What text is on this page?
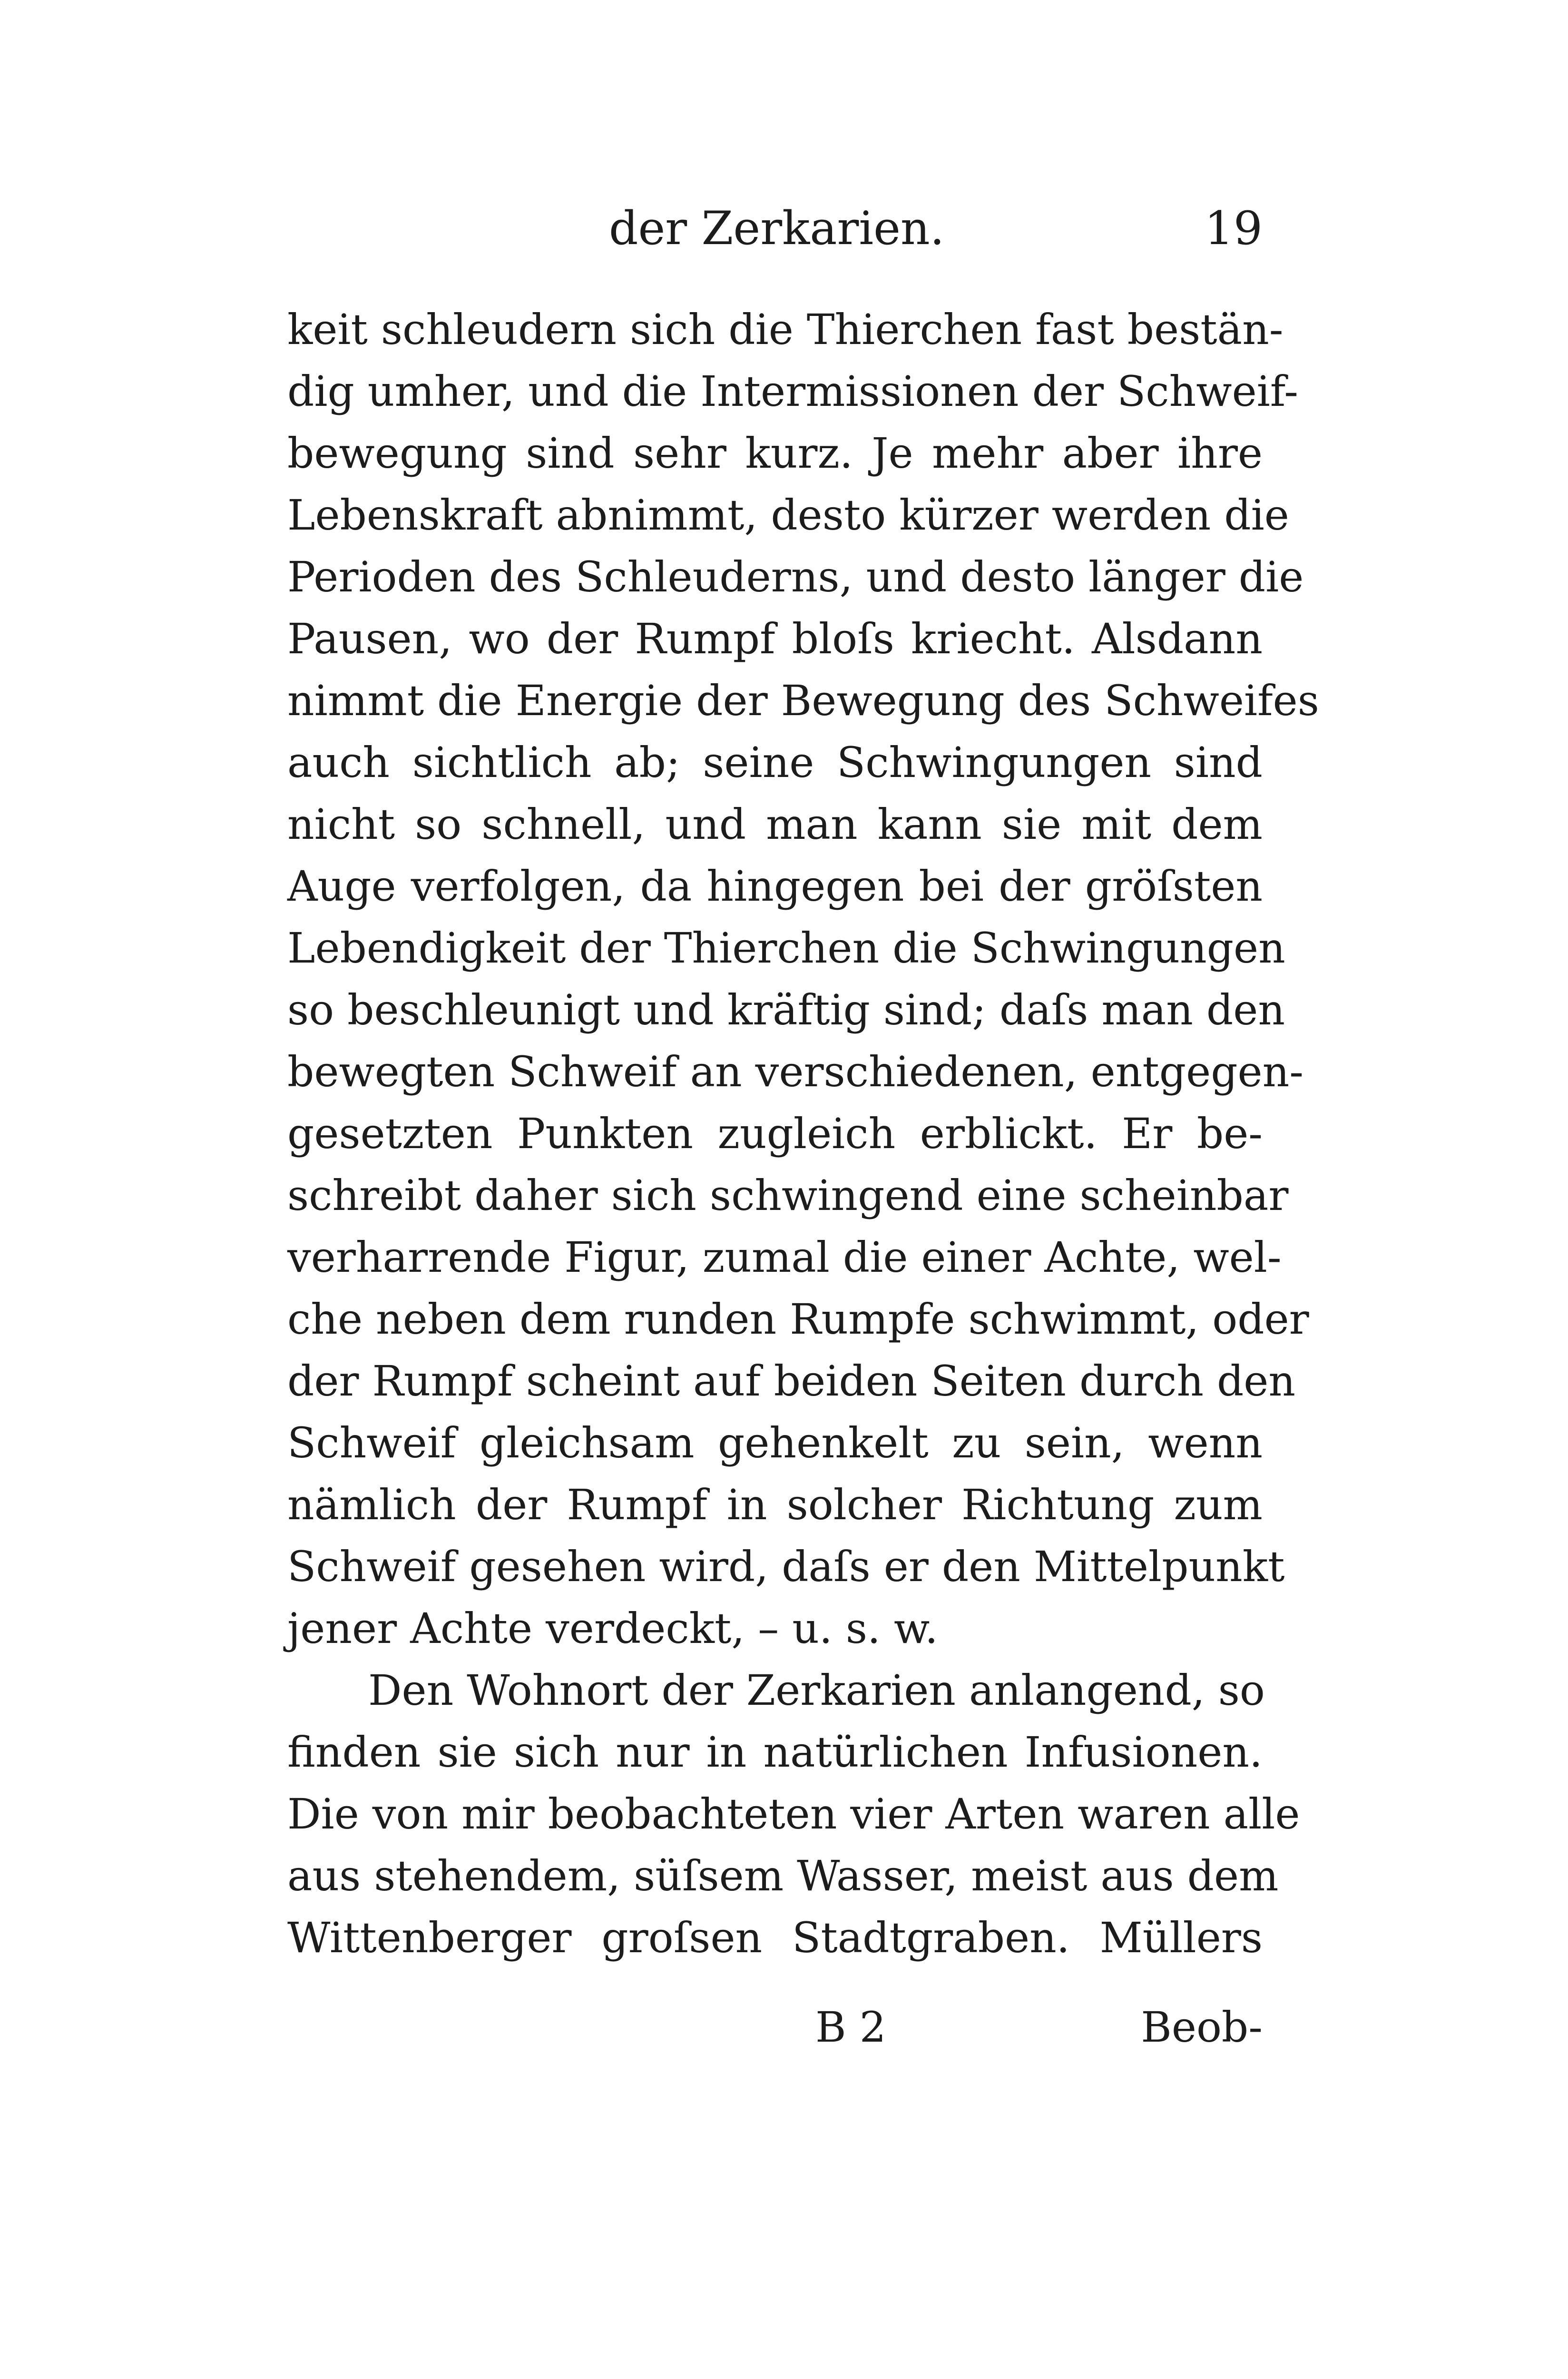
der Zerkarien.	19
keit schleudern sich die Thierchen fast bestän-
dig umher, und die Intermissionen der Schweif-
bewegung sind sehr kurz. Je mehr aber ihre
Lebenskraft abnimmt, desto kürzer werden die
Perioden des Schleuderns, und desto länger die
Pausen, wo der Rumpf bloſs kriecht. Alsdann
nimmt die Energie der Bewegung des Schweifes
auch sichtlich ab; seine Schwingungen sind
nicht so schnell, und man kann sie mit dem
Auge verfolgen, da hingegen bei der gröſsten
Lebendigkeit der Thierchen die Schwingungen
so beschleunigt und kräftig sind; daſs man den
bewegten Schweif an verschiedenen, entgegen-
gesetzten Punkten zugleich erblickt. Er be-
schreibt daher sich schwingend eine scheinbar
verharrende Figur, zumal die einer Achte, wel-
che neben dem runden Rumpfe schwimmt, oder
der Rumpf scheint auf beiden Seiten durch den
Schweif gleichsam gehenkelt zu sein, wenn
nämlich der Rumpf in solcher Richtung zum
Schweif gesehen wird, daſs er den Mittelpunkt
jener Achte verdeckt, – u. s. w.
Den Wohnort der Zerkarien anlangend, so
finden sie sich nur in natürlichen Infusionen.
Die von mir beobachteten vier Arten waren alle
aus stehendem, süſsem Wasser, meist aus dem
Wittenberger groſsen Stadtgraben. Müllers
B 2	Beob-
